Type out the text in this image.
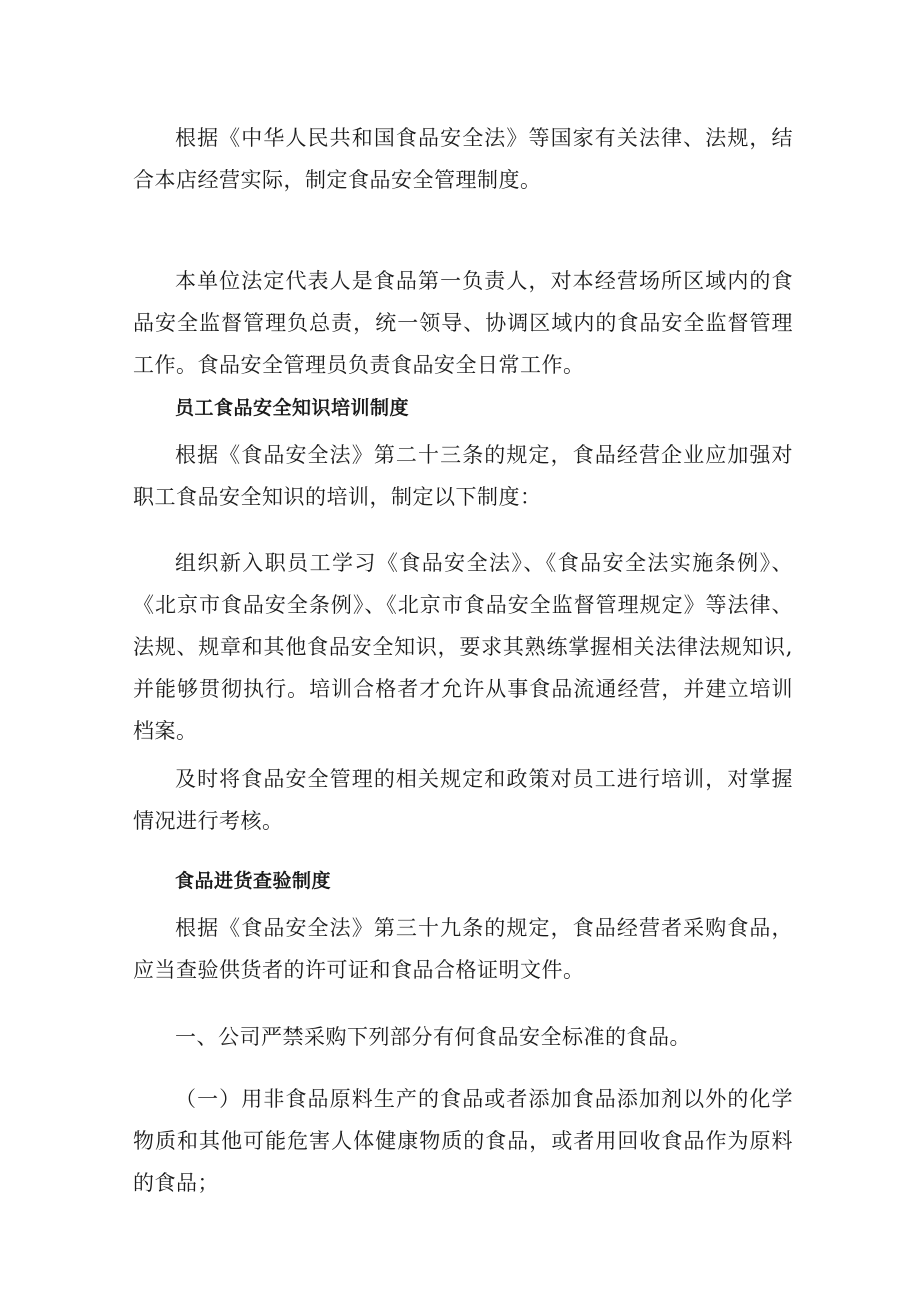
根据《中华人民共和国食品安全法》等国家有关法律、法规，结合本店经营实际，制定食品安全管理制度。

本单位法定代表人是食品第一负责人，对本经营场所区域内的食品安全监督管理负总责，统一领导、协调区域内的食品安全监督管理工作。食品安全管理员负责食品安全日常工作。

员工食品安全知识培训制度

根据《食品安全法》第二十三条的规定，食品经营企业应加强对职工食品安全知识的培训，制定以下制度：

组织新入职员工学习《食品安全法》、《食品安全法实施条例》、《北京市食品安全条例》、《北京市食品安全监督管理规定》等法律、法规、规章和其他食品安全知识，要求其熟练掌握相关法律法规知识,并能够贯彻执行。培训合格者才允许从事食品流通经营，并建立培训档案。

及时将食品安全管理的相关规定和政策对员工进行培训，对掌握情况进行考核。

食品进货查验制度

根据《食品安全法》第三十九条的规定，食品经营者采购食品，应当查验供货者的许可证和食品合格证明文件。

一、公司严禁采购下列部分有何食品安全标准的食品。

（一）用非食品原料生产的食品或者添加食品添加剂以外的化学物质和其他可能危害人体健康物质的食品，或者用回收食品作为原料的食品；
